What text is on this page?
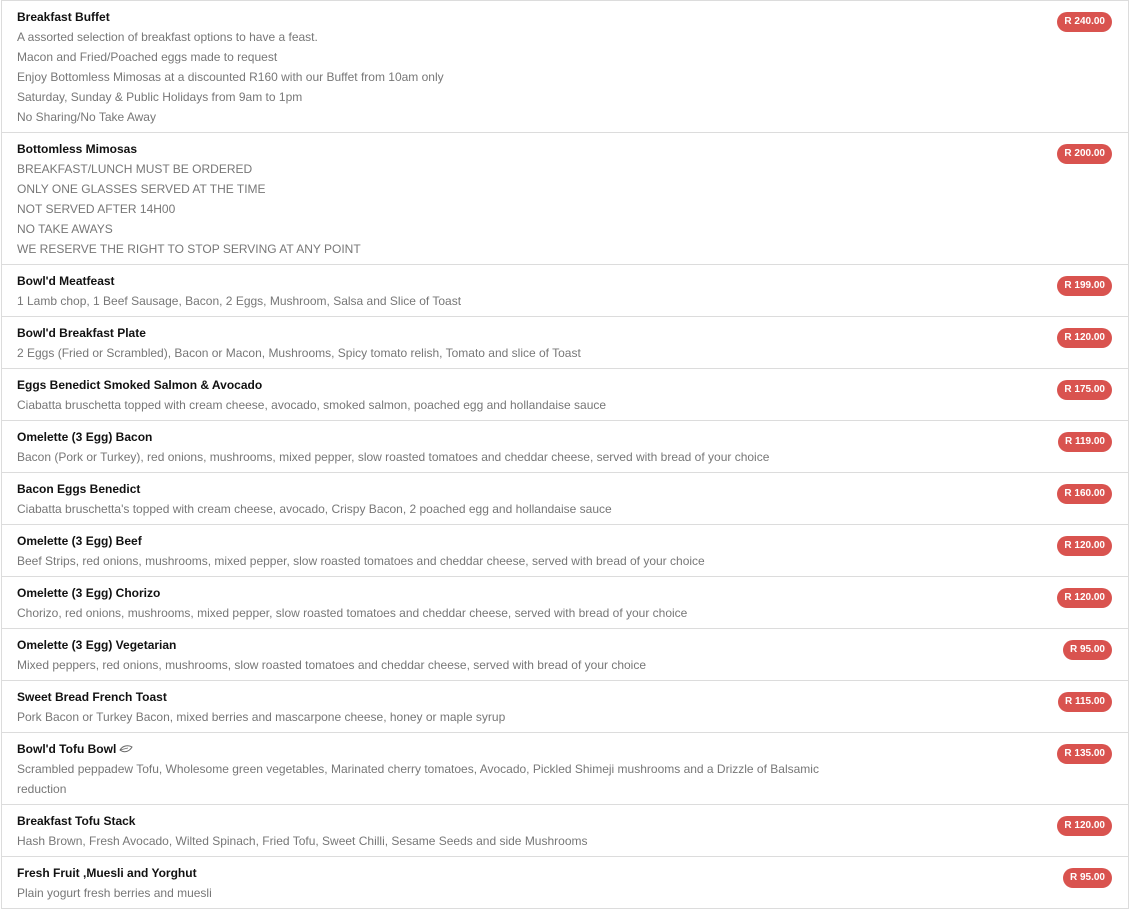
Breakfast Buffet
A assorted selection of breakfast options to have a feast.
Macon and Fried/Poached eggs made to request
Enjoy Bottomless Mimosas at a discounted R160 with our Buffet from 10am only
Saturday, Sunday & Public Holidays from 9am to 1pm
No Sharing/No Take Away
R 240.00
Bottomless Mimosas
BREAKFAST/LUNCH MUST BE ORDERED
ONLY ONE GLASSES SERVED AT THE TIME
NOT SERVED AFTER 14H00
NO TAKE AWAYS
WE RESERVE THE RIGHT TO STOP SERVING AT ANY POINT
R 200.00
Bowl'd Meatfeast
1 Lamb chop, 1 Beef Sausage, Bacon, 2 Eggs, Mushroom, Salsa and Slice of Toast
R 199.00
Bowl'd Breakfast Plate
2 Eggs (Fried or Scrambled), Bacon or Macon, Mushrooms, Spicy tomato relish, Tomato and slice of Toast
R 120.00
Eggs Benedict Smoked Salmon & Avocado
Ciabatta bruschetta topped with cream cheese, avocado, smoked salmon, poached egg and hollandaise sauce
R 175.00
Omelette (3 Egg) Bacon
Bacon (Pork or Turkey), red onions, mushrooms, mixed pepper, slow roasted tomatoes and cheddar cheese, served with bread of your choice
R 119.00
Bacon Eggs Benedict
Ciabatta bruschetta's topped with cream cheese, avocado, Crispy Bacon, 2 poached egg and hollandaise sauce
R 160.00
Omelette (3 Egg) Beef
Beef Strips, red onions, mushrooms, mixed pepper, slow roasted tomatoes and cheddar cheese, served with bread of your choice
R 120.00
Omelette (3 Egg) Chorizo
Chorizo, red onions, mushrooms, mixed pepper, slow roasted tomatoes and cheddar cheese, served with bread of your choice
R 120.00
Omelette (3 Egg) Vegetarian
Mixed peppers, red onions, mushrooms, slow roasted tomatoes and cheddar cheese, served with bread of your choice
R 95.00
Sweet Bread French Toast
Pork Bacon or Turkey Bacon, mixed berries and mascarpone cheese, honey or maple syrup
R 115.00
Bowl'd Tofu Bowl
Scrambled peppadew Tofu, Wholesome green vegetables, Marinated cherry tomatoes, Avocado, Pickled Shimeji mushrooms and a Drizzle of Balsamic
reduction
R 135.00
Breakfast Tofu Stack
Hash Brown, Fresh Avocado, Wilted Spinach, Fried Tofu, Sweet Chilli, Sesame Seeds and side Mushrooms
R 120.00
Fresh Fruit ,Muesli and Yorghut
Plain yogurt fresh berries and muesli
R 95.00
